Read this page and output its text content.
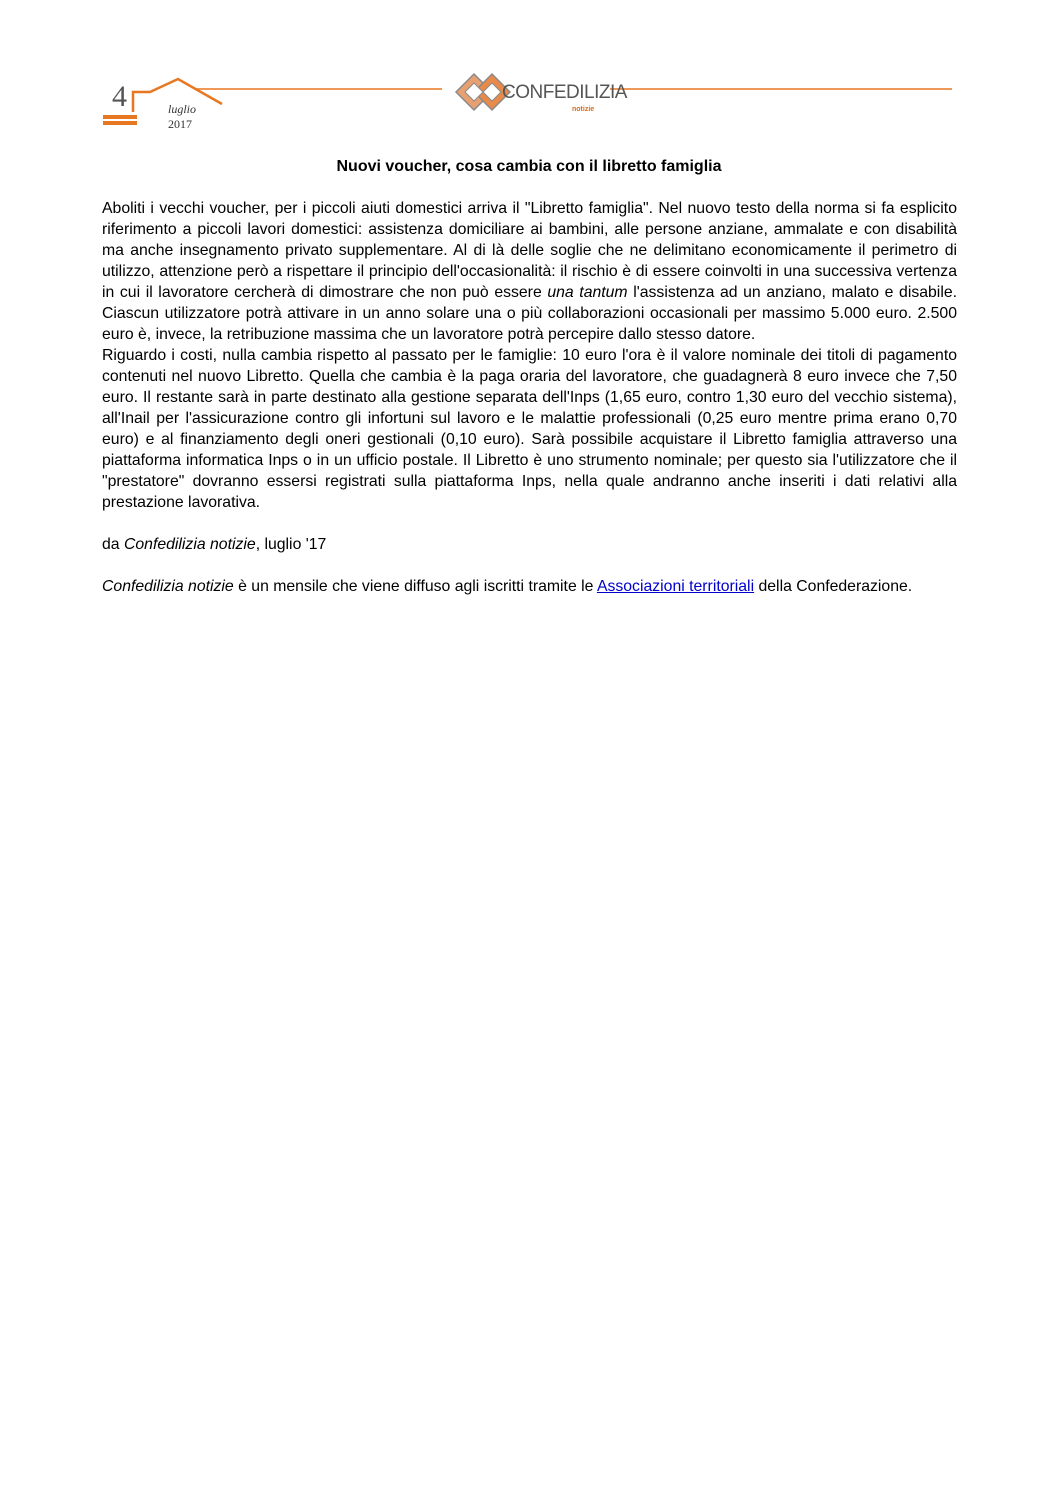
4	luglio
2017
CONFEDILIZIA
notizie
Nuovi voucher, cosa cambia con il libretto famiglia

Aboliti i vecchi voucher, per i piccoli aiuti domestici arriva il "Libretto famiglia". Nel nuovo testo della norma si fa esplicito riferimento a piccoli lavori domestici: assistenza domiciliare ai bambini, alle persone anziane, ammalate e con disabilità ma anche insegnamento privato supplementare. Al di là delle soglie che ne delimitano economicamente il perimetro di utilizzo, attenzione però a rispettare il principio dell'occasionalità: il rischio è di essere coinvolti in una successiva vertenza in cui il lavoratore cercherà di dimostrare che non può essere una tantum l'assistenza ad un anziano, malato e disabile. Ciascun utilizzatore potrà attivare in un anno solare una o più collaborazioni occasionali per massimo 5.000 euro. 2.500 euro è, invece, la retribuzione massima che un lavoratore potrà percepire dallo stesso datore.

Riguardo i costi, nulla cambia rispetto al passato per le famiglie: 10 euro l'ora è il valore nominale dei titoli di pagamento contenuti nel nuovo Libretto. Quella che cambia è la paga oraria del lavoratore, che guadagnerà 8 euro invece che 7,50 euro. Il restante sarà in parte destinato alla gestione separata dell'Inps (1,65 euro, contro 1,30 euro del vecchio sistema), all'Inail per l'assicurazione contro gli infortuni sul lavoro e le malattie professionali (0,25 euro mentre prima erano 0,70 euro) e al finanziamento degli oneri gestionali (0,10 euro). Sarà possibile acquistare il Libretto famiglia attraverso una piattaforma informatica Inps o in un ufficio postale. Il Libretto è uno strumento nominale; per questo sia l'utilizzatore che il "prestatore" dovranno essersi registrati sulla piattaforma Inps, nella quale andranno anche inseriti i dati relativi alla prestazione lavorativa.

da Confedilizia notizie, luglio '17

Confedilizia notizie è un mensile che viene diffuso agli iscritti tramite le Associazioni territoriali della Confederazione.
